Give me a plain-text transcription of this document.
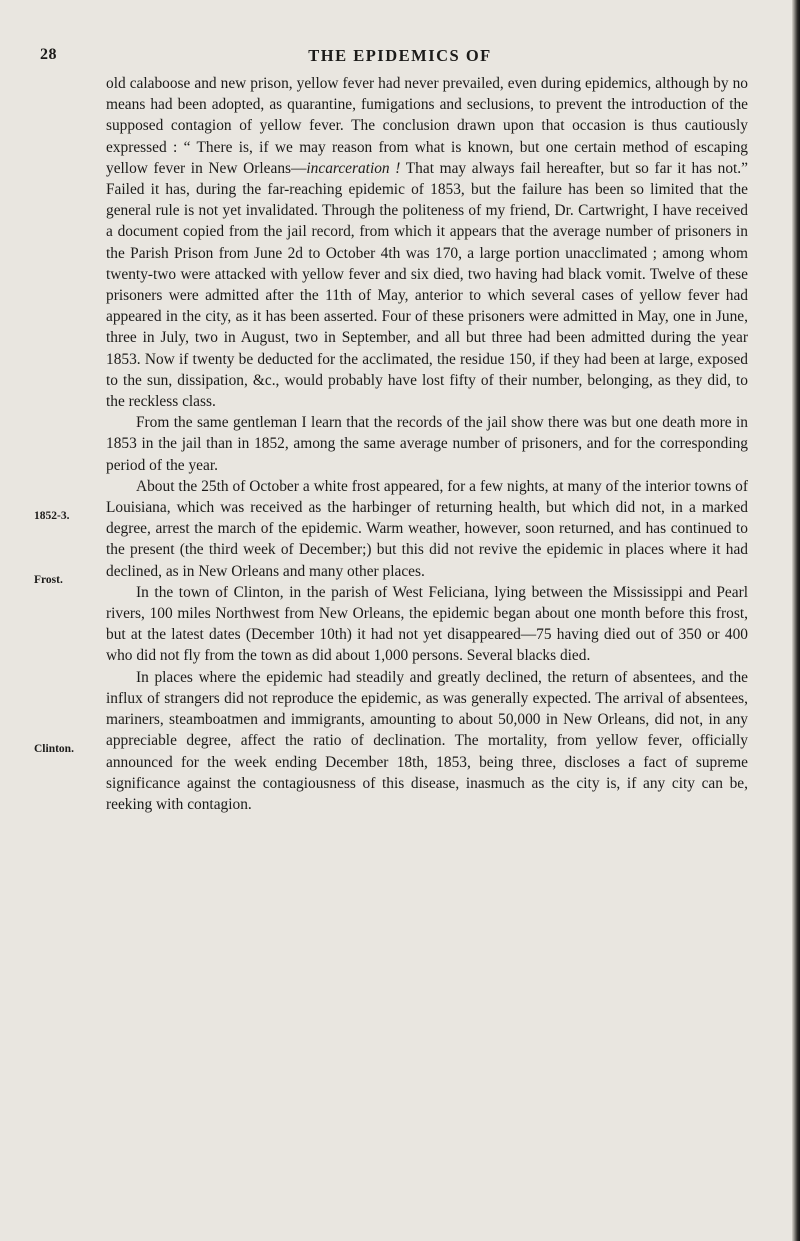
28	THE EPIDEMICS OF
1852-3.
Frost.
Clinton.

old calaboose and new prison, yellow fever had never prevailed, even during epidemics, although by no means had been adopted, as quarantine, fumigations and seclusions, to prevent the introduction of the supposed contagion of yellow fever. The conclusion drawn upon that occasion is thus cautiously expressed : “ There is, if we may reason from what is known, but one certain method of escaping yellow fever in New Orleans—incarceration ! That may always fail hereafter, but so far it has not.” Failed it has, during the far-reaching epidemic of 1853, but the failure has been so limited that the general rule is not yet invalidated. Through the politeness of my friend, Dr. Cartwright, I have received a document copied from the jail record, from which it appears that the average number of prisoners in the Parish Prison from June 2d to October 4th was 170, a large portion unacclimated ; among whom twenty-two were attacked with yellow fever and six died, two having had black vomit. Twelve of these prisoners were admitted after the 11th of May, anterior to which several cases of yellow fever had appeared in the city, as it has been asserted. Four of these prisoners were admitted in May, one in June, three in July, two in August, two in September, and all but three had been admitted during the year 1853. Now if twenty be deducted for the acclimated, the residue 150, if they had been at large, exposed to the sun, dissipation, &c., would probably have lost fifty of their number, belonging, as they did, to the reckless class.

From the same gentleman I learn that the records of the jail show there was but one death more in 1853 in the jail than in 1852, among the same average number of prisoners, and for the corresponding period of the year.

About the 25th of October a white frost appeared, for a few nights, at many of the interior towns of Louisiana, which was received as the harbinger of returning health, but which did not, in a marked degree, arrest the march of the epidemic. Warm weather, however, soon returned, and has continued to the present (the third week of December;) but this did not revive the epidemic in places where it had declined, as in New Orleans and many other places.

In the town of Clinton, in the parish of West Feliciana, lying between the Mississippi and Pearl rivers, 100 miles Northwest from New Orleans, the epidemic began about one month before this frost, but at the latest dates (December 10th) it had not yet disappeared—75 having died out of 350 or 400 who did not fly from the town as did about 1,000 persons. Several blacks died.

In places where the epidemic had steadily and greatly declined, the return of absentees, and the influx of strangers did not reproduce the epidemic, as was generally expected. The arrival of absentees, mariners, steamboatmen and immigrants, amounting to about 50,000 in New Orleans, did not, in any appreciable degree, affect the ratio of declination. The mortality, from yellow fever, officially announced for the week ending December 18th, 1853, being three, discloses a fact of supreme significance against the contagiousness of this disease, inasmuch as the city is, if any city can be, reeking with contagion.
